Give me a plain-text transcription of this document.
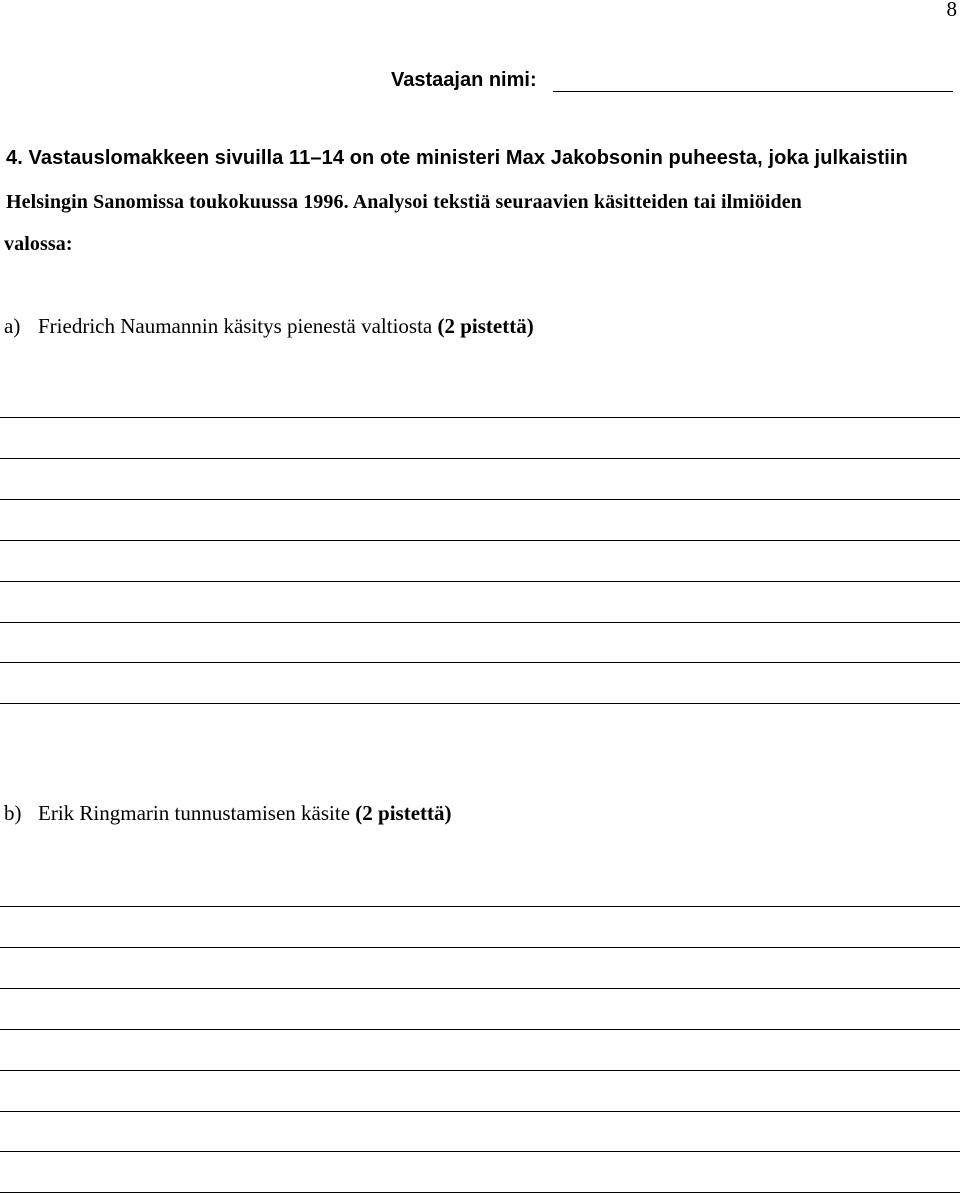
8
Vastaajan nimi:

4. Vastauslomakkeen sivuilla 11–14 on ote ministeri Max Jakobsonin puheesta, joka julkaistiin

Helsingin Sanomissa toukokuussa 1996. Analysoi tekstiä seuraavien käsitteiden tai ilmiöiden

valossa:

a) Friedrich Naumannin käsitys pienestä valtiosta (2 pistettä)
b) Erik Ringmarin tunnustamisen käsite (2 pistettä)
